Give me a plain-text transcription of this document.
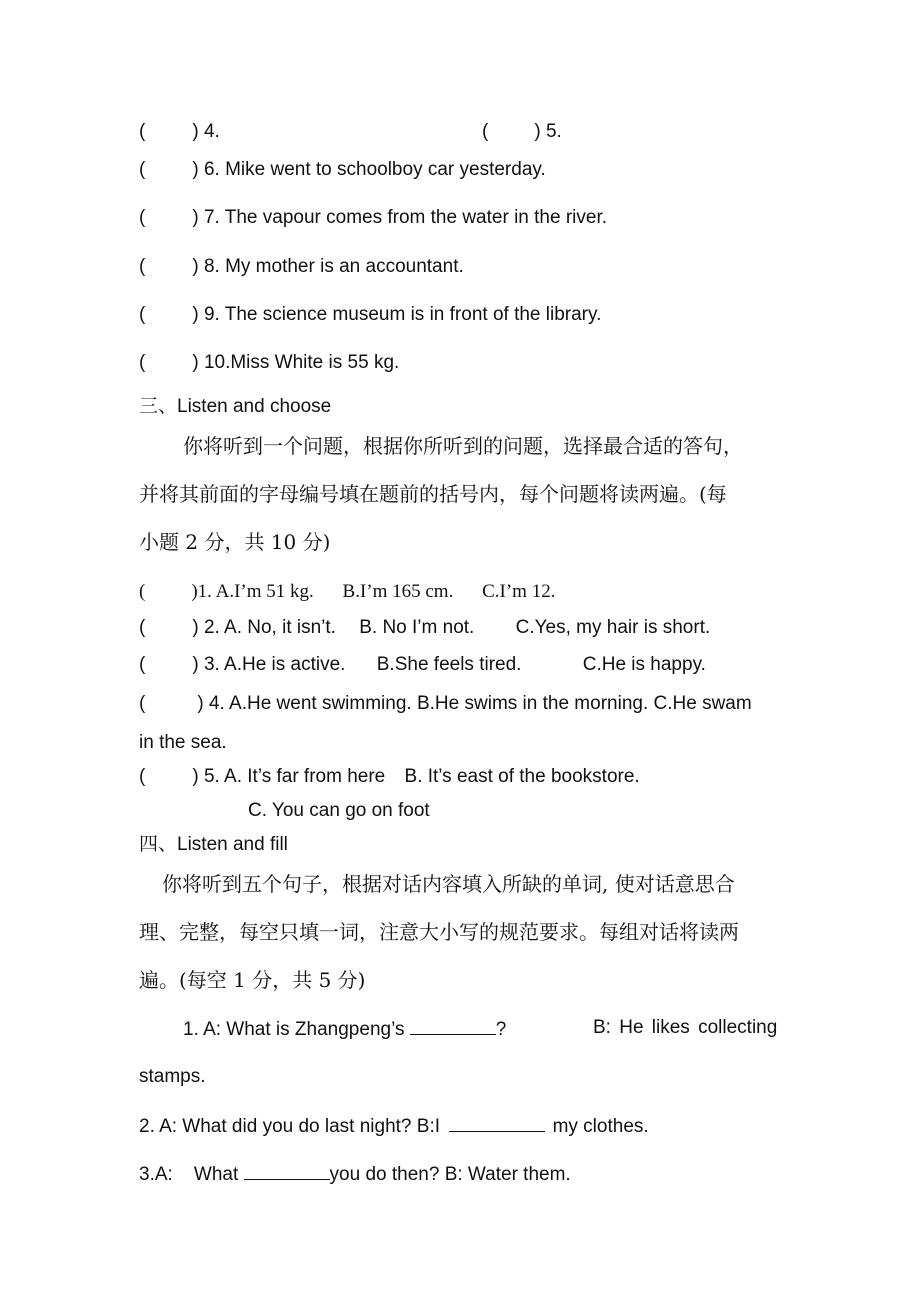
( ) 4.	( ) 5.
( ) 6. Mike went to schoolboy car yesterday.
( ) 7. The vapour comes from the water in the river.
( ) 8. My mother is an accountant.
( ) 9. The science museum is in front of the library.
( ) 10.Miss White is 55 kg.
三、Listen and choose
你将听到一个问题，根据你所听到的问题，选择最合适的答句，
并将其前面的字母编号填在题前的括号内，每个问题将读两遍。(每
小题 2 分，共 10 分)
( )1. A.I’m 51 kg. B.I’m 165 cm. C.I’m 12.
( ) 2. A. No, it isn’t. B. No I’m not. C.Yes, my hair is short.
( ) 3. A.He is active. B.She feels tired.	C.He is happy.
(	) 4. A.He went swimming. B.He swims in the morning. C.He swam
in the sea.
( ) 5. A. It’s far from here B. It’s east of the bookstore.
C. You can go on foot
四、Listen and fill
你将听到五个句子，根据对话内容填入所缺的单词, 使对话意思合
理、完整，每空只填一词，注意大小写的规范要求。每组对话将读两
遍。(每空 1 分，共 5 分)
1. A: What is Zhangpeng’s	?	B: He likes collecting
stamps.
2. A: What did you do last night? B:I	my clothes.
3.A:    What	you do then? B: Water them.
